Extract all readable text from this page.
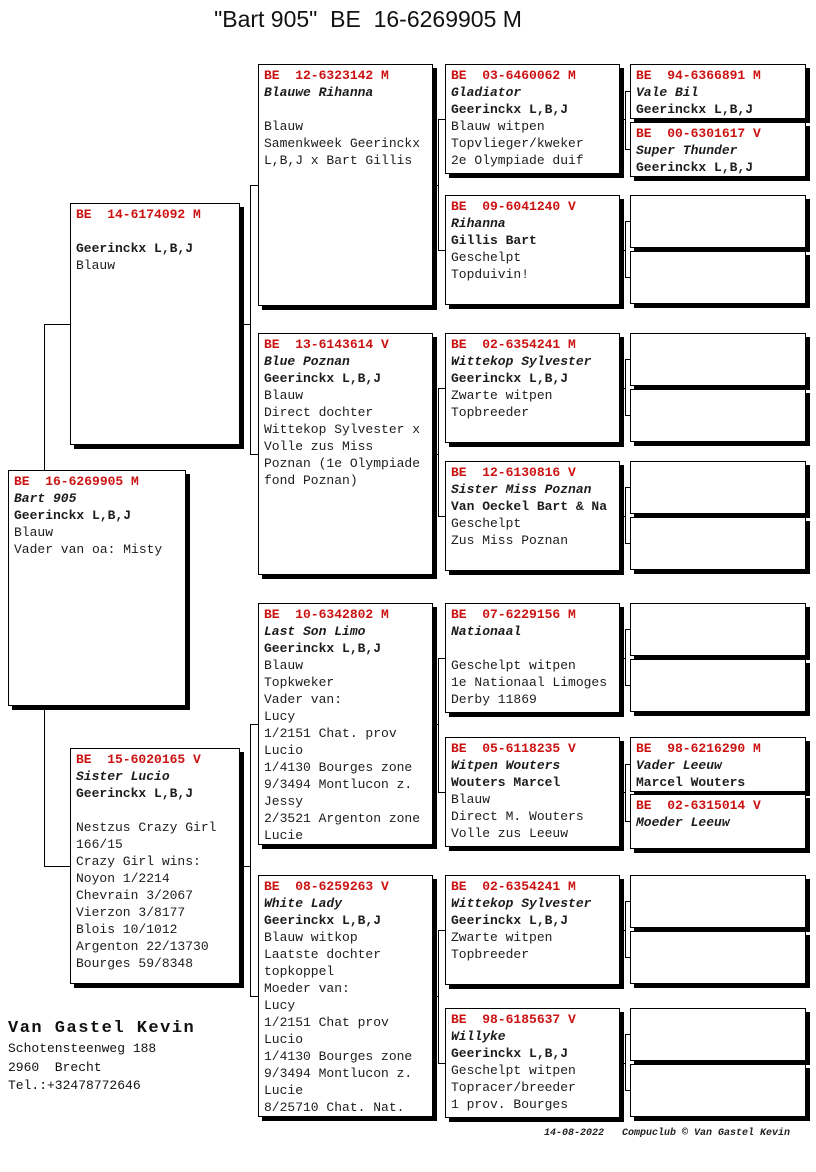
"Bart 905"  BE  16-6269905 M
BE  14-6174092 M

Geerinckx L,B,J
Blauw
BE  16-6269905 M
Bart 905
Geerinckx L,B,J
Blauw
Vader van oa: Misty
BE  15-6020165 V
Sister Lucio
Geerinckx L,B,J

Nestzus Crazy Girl
166/15
Crazy Girl wins:
Noyon 1/2214
Chevrain 3/2067
Vierzon 3/8177
Blois 10/1012
Argenton 22/13730
Bourges 59/8348
BE  12-6323142 M
Blauwe Rihanna

Blauw
Samenkweek Geerinckx
L,B,J x Bart Gillis
BE  13-6143614 V
Blue Poznan
Geerinckx L,B,J
Blauw
Direct dochter
Wittekop Sylvester x
Volle zus Miss
Poznan (1e Olympiade
fond Poznan)
BE  10-6342802 M
Last Son Limo
Geerinckx L,B,J
Blauw
Topkweker
Vader van:
Lucy
1/2151 Chat. prov
Lucio
1/4130 Bourges zone
9/3494 Montlucon z.
Jessy
2/3521 Argenton zone
Lucie
BE  08-6259263 V
White Lady
Geerinckx L,B,J
Blauw witkop
Laatste dochter
topkoppel
Moeder van:
Lucy
1/2151 Chat prov
Lucio
1/4130 Bourges zone
9/3494 Montlucon z.
Lucie
8/25710 Chat. Nat.
BE  03-6460062 M
Gladiator
Geerinckx L,B,J
Blauw witpen
Topvlieger/kweker
2e Olympiade duif
BE  09-6041240 V
Rihanna
Gillis Bart
Geschelpt
Topduivin!
BE  02-6354241 M
Wittekop Sylvester
Geerinckx L,B,J
Zwarte witpen
Topbreeder
BE  12-6130816 V
Sister Miss Poznan
Van Oeckel Bart & Na
Geschelpt
Zus Miss Poznan
BE  07-6229156 M
Nationaal

Geschelpt witpen
1e Nationaal Limoges
Derby 11869
BE  05-6118235 V
Witpen Wouters
Wouters Marcel
Blauw
Direct M. Wouters
Volle zus Leeuw
BE  02-6354241 M
Wittekop Sylvester
Geerinckx L,B,J
Zwarte witpen
Topbreeder
BE  98-6185637 V
Willyke
Geerinckx L,B,J
Geschelpt witpen
Topracer/breeder
1 prov. Bourges
BE  94-6366891 M
Vale Bil
Geerinckx L,B,J
BE  00-6301617 V
Super Thunder
Geerinckx L,B,J
BE  98-6216290 M
Vader Leeuw
Marcel Wouters
BE  02-6315014 V
Moeder Leeuw
Van Gastel Kevin
Schotensteenweg 188
2960  Brecht
Tel.:+32478772646
14-08-2022   Compuclub © Van Gastel Kevin
